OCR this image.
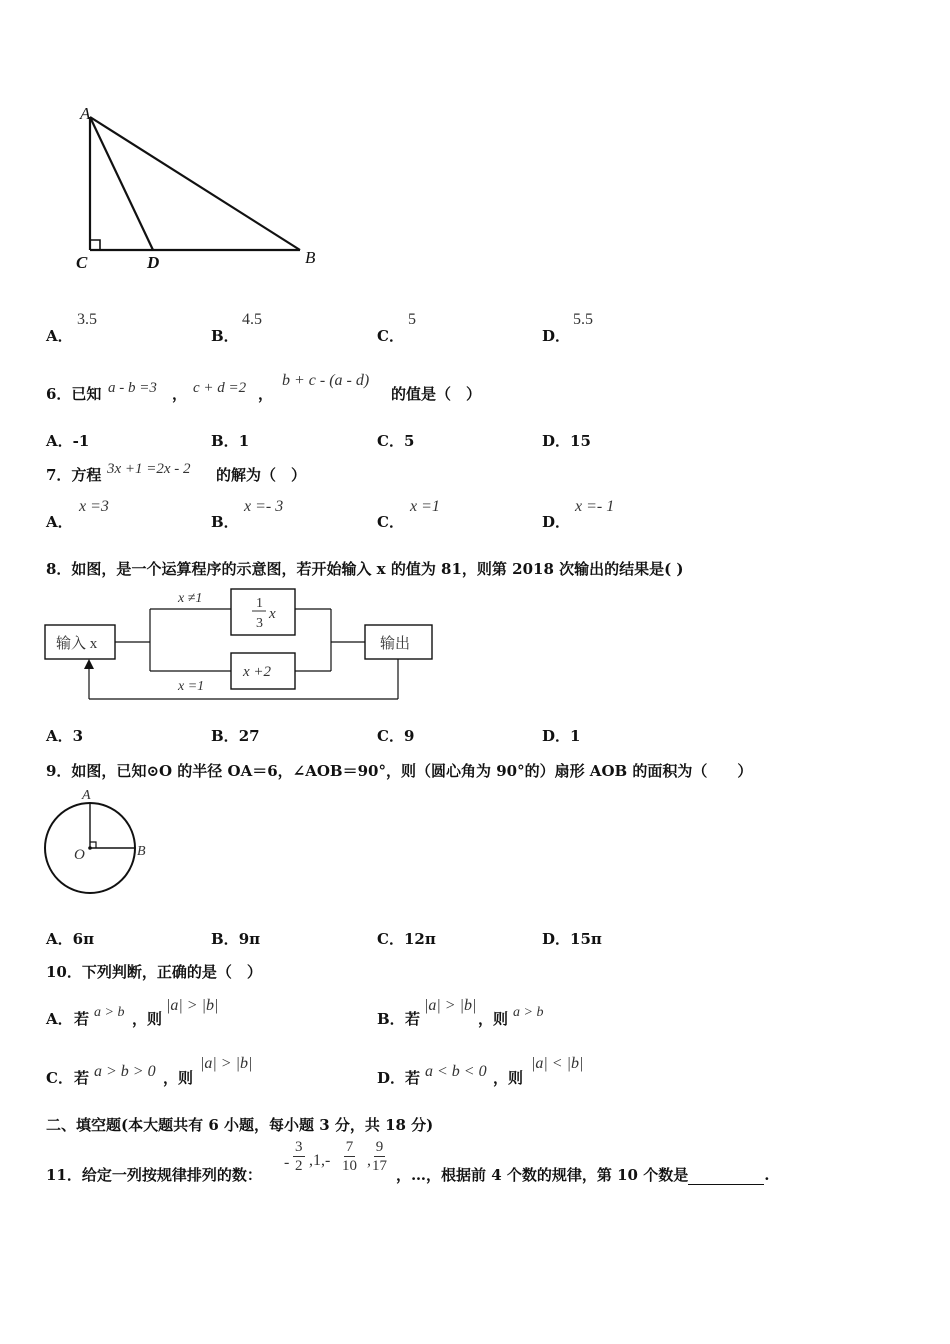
A
C	D	B
A．
3.5
B．
4.5
C．
5
D．
5.5
6．已知 a - b =3 ， c + d =2 ，
b + c - (a - d)
的值是（　）
A．-1	B．1	C．5	D．15
7．方程 3x +1 =2x - 2 的解为（　）
A．
x =3
B．
x =- 3
C．
x =1
D．
x =- 1
8．如图，是一个运算程序的示意图，若开始输入 x 的值为 81，则第 2018 次输出的结果是( )
输入 x
1
3
x
x +2
输出
x ≠1
x =1
A．3	B．27	C．9	D．1
9．如图，已知⊙O 的半径 OA＝6，∠AOB＝90°，则（圆心角为 90°的）扇形 AOB 的面积为（　　）
A
O	B
A．6π	B．9π	C．12π	D．15π
10．下列判断，正确的是（　）
A． 若 a > b ，则
|a| > |b|
B． 若
|a| > |b|
，则 a > b
C． 若 a > b > 0 ，则
|a| > |b|
D． 若 a < b < 0 ，则
|a| < |b|
二、填空题(本大题共有 6 小题，每小题 3 分，共 18 分)
11．给定一列按规律排列的数：
- $\frac{3}{2} ,1,- \frac{7}{10}$ , $\frac{9}{17}$ ，…，根据前 4 个数的规律，第 10 个数是	.
